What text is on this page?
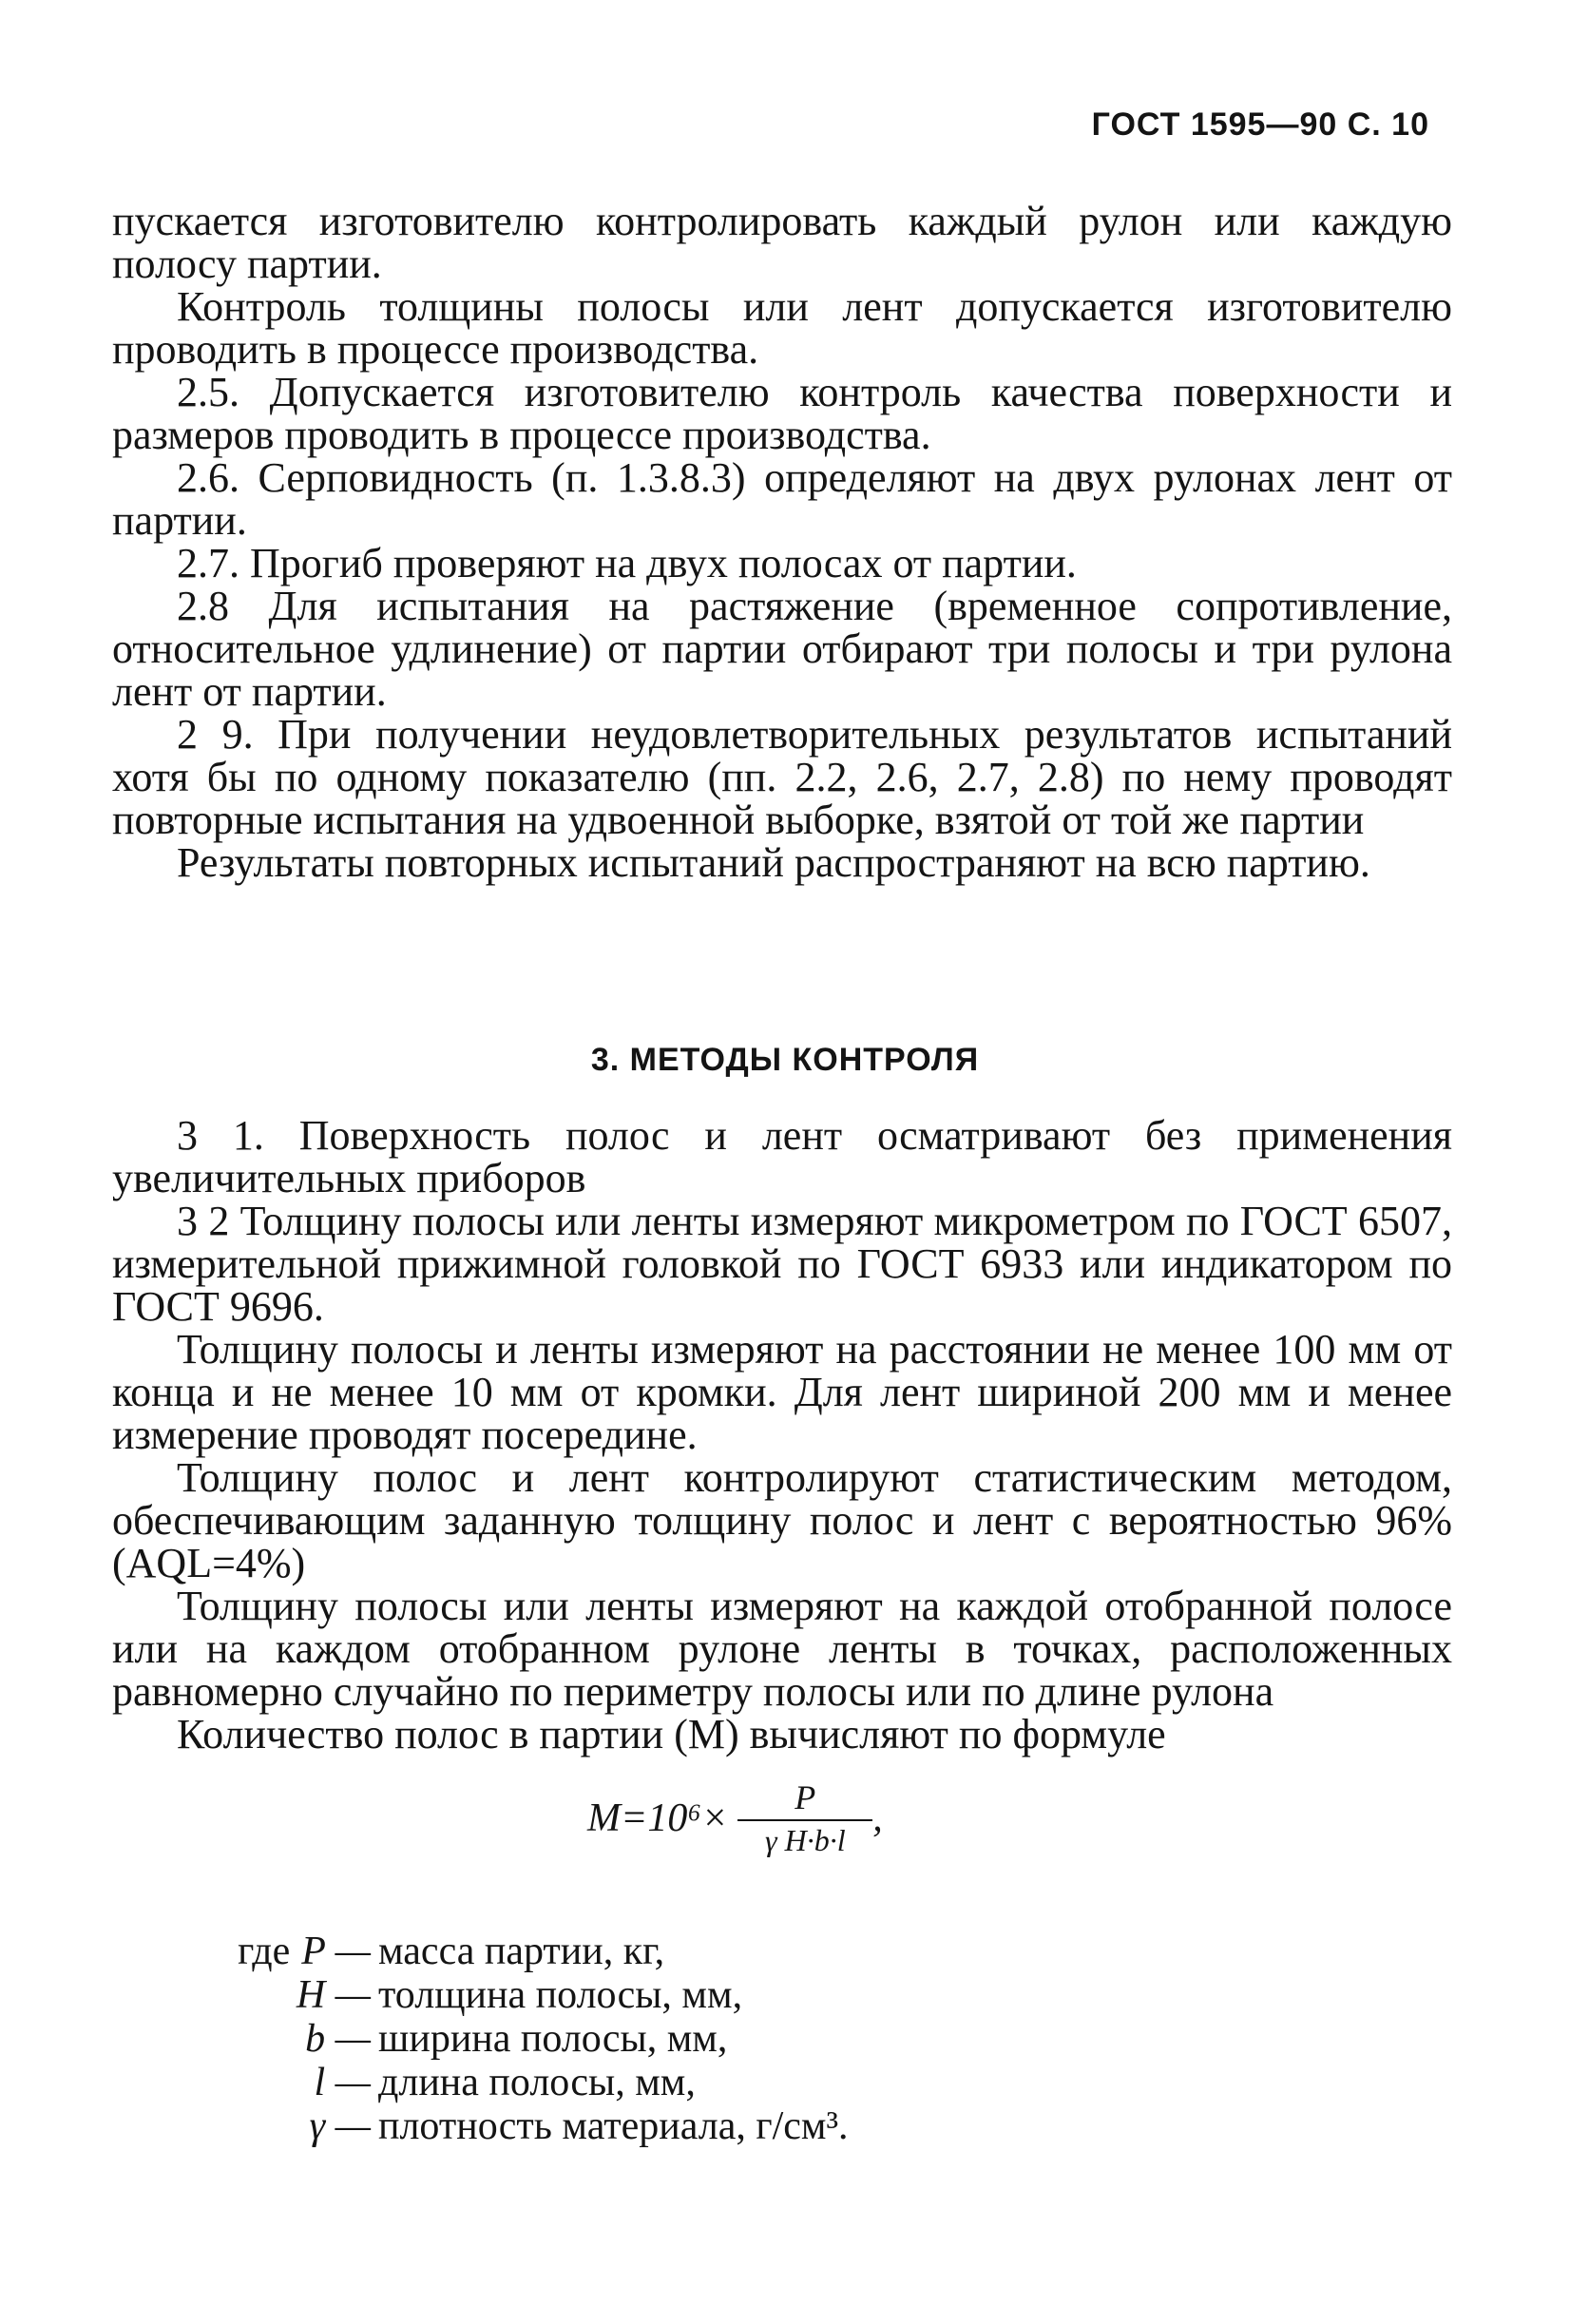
ГОСТ 1595—90 С. 10

пускается изготовителю контролировать каждый рулон или каждую полосу партии.

Контроль толщины полосы или лент допускается изготовителю проводить в процессе производства.

2.5. Допускается изготовителю контроль качества поверхности и размеров проводить в процессе производства.

2.6. Серповидность (п. 1.3.8.3) определяют на двух рулонах лент от партии.

2.7. Прогиб проверяют на двух полосах от партии.

2.8 Для испытания на растяжение (временное сопротивление, относительное удлинение) от партии отбирают три полосы и три рулона лент от партии.

2 9. При получении неудовлетворительных результатов испытаний хотя бы по одному показателю (пп. 2.2, 2.6, 2.7, 2.8) по нему проводят повторные испытания на удвоенной выборке, взятой от той же партии

Результаты повторных испытаний распространяют на всю партию.

3. МЕТОДЫ КОНТРОЛЯ

3 1. Поверхность полос и лент осматривают без применения увеличительных приборов

3 2 Толщину полосы или ленты измеряют микрометром по ГОСТ 6507, измерительной прижимной головкой по ГОСТ 6933 или индикатором по ГОСТ 9696.

Толщину полосы и ленты измеряют на расстоянии не менее 100 мм от конца и не менее 10 мм от кромки. Для лент шириной 200 мм и менее измерение проводят посередине.

Толщину полос и лент контролируют статистическим методом, обеспечивающим заданную толщину полос и лент с вероятностью 96% (AQL=4%)

Толщину полосы или ленты измеряют на каждой отобранной полосе или на каждом отобранном рулоне ленты в точках, расположенных равномерно случайно по периметру полосы или по длине рулона

Количество полос в партии (M) вычисляют по формуле

$M=10^6\times \frac{P}{\text{γ H·b·l}}$ ,
где P — масса партии, кг,
H — толщина полосы, мм,
b — ширина полосы, мм,
l — длина полосы, мм,
γ — плотность материала, г/см³.
